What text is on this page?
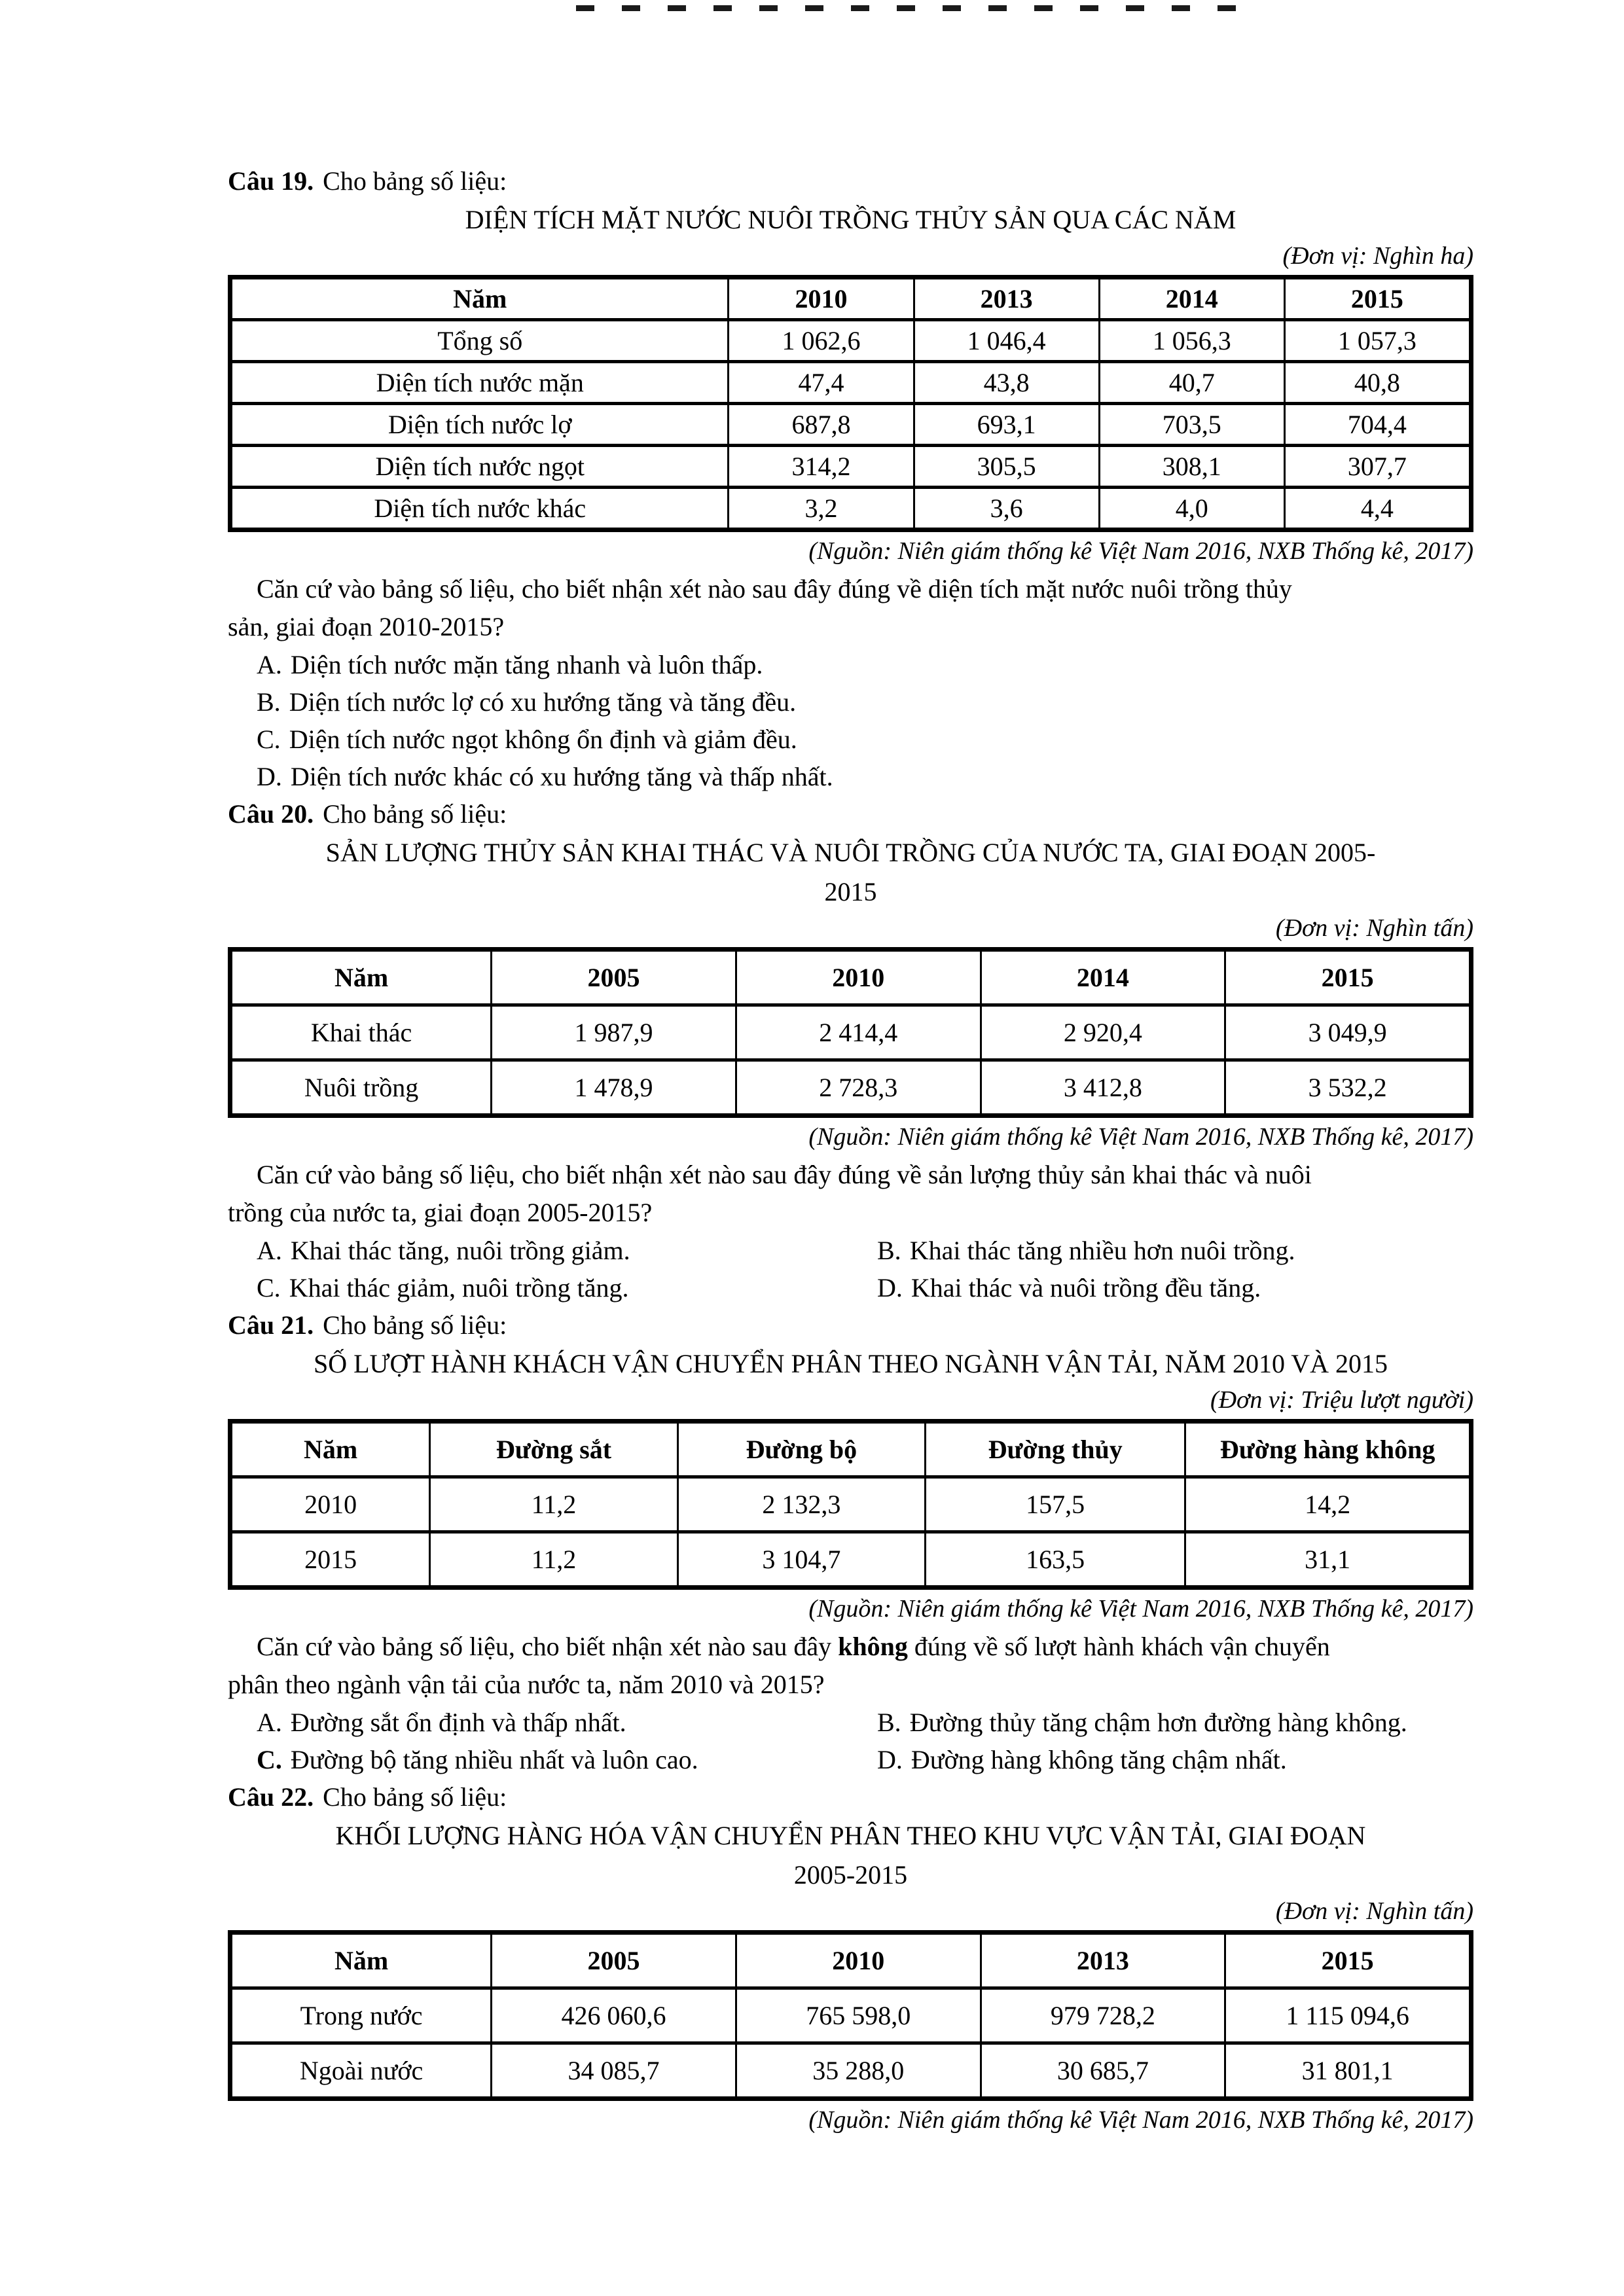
Câu 19. Cho bảng số liệu:
DIỆN TÍCH MẶT NƯỚC NUÔI TRỒNG THỦY SẢN QUA CÁC NĂM
(Đơn vị: Nghìn ha)
Năm	2010	2013	2014	2015
Tổng số	1 062,6	1 046,4	1 056,3	1 057,3
Diện tích nước mặn	47,4	43,8	40,7	40,8
Diện tích nước lợ	687,8	693,1	703,5	704,4
Diện tích nước ngọt	314,2	305,5	308,1	307,7
Diện tích nước khác	3,2	3,6	4,0	4,4
(Nguồn: Niên giám thống kê Việt Nam 2016, NXB Thống kê, 2017)
Căn cứ vào bảng số liệu, cho biết nhận xét nào sau đây đúng về diện tích mặt nước nuôi trồng thủy
sản, giai đoạn 2010-2015?
A. Diện tích nước mặn tăng nhanh và luôn thấp.
B. Diện tích nước lợ có xu hướng tăng và tăng đều.
C. Diện tích nước ngọt không ổn định và giảm đều.
D. Diện tích nước khác có xu hướng tăng và thấp nhất.
Câu 20. Cho bảng số liệu:
SẢN LƯỢNG THỦY SẢN KHAI THÁC VÀ NUÔI TRỒNG CỦA NƯỚC TA, GIAI ĐOẠN 2005-
2015
(Đơn vị: Nghìn tấn)
Năm	2005	2010	2014	2015
Khai thác	1 987,9	2 414,4	2 920,4	3 049,9
Nuôi trồng	1 478,9	2 728,3	3 412,8	3 532,2
(Nguồn: Niên giám thống kê Việt Nam 2016, NXB Thống kê, 2017)
Căn cứ vào bảng số liệu, cho biết nhận xét nào sau đây đúng về sản lượng thủy sản khai thác và nuôi
trồng của nước ta, giai đoạn 2005-2015?
A. Khai thác tăng, nuôi trồng giảm.	B. Khai thác tăng nhiều hơn nuôi trồng.
C. Khai thác giảm, nuôi trồng tăng.	D. Khai thác và nuôi trồng đều tăng.
Câu 21. Cho bảng số liệu:
SỐ LƯỢT HÀNH KHÁCH VẬN CHUYỂN PHÂN THEO NGÀNH VẬN TẢI, NĂM 2010 VÀ 2015
(Đơn vị: Triệu lượt người)
Năm	Đường sắt	Đường bộ	Đường thủy	Đường hàng không
2010	11,2	2 132,3	157,5	14,2
2015	11,2	3 104,7	163,5	31,1
(Nguồn: Niên giám thống kê Việt Nam 2016, NXB Thống kê, 2017)
Căn cứ vào bảng số liệu, cho biết nhận xét nào sau đây không đúng về số lượt hành khách vận chuyển
phân theo ngành vận tải của nước ta, năm 2010 và 2015?
A. Đường sắt ổn định và thấp nhất.	B. Đường thủy tăng chậm hơn đường hàng không.
C. Đường bộ tăng nhiều nhất và luôn cao.	D. Đường hàng không tăng chậm nhất.
Câu 22. Cho bảng số liệu:
KHỐI LƯỢNG HÀNG HÓA VẬN CHUYỂN PHÂN THEO KHU VỰC VẬN TẢI, GIAI ĐOẠN
2005-2015
(Đơn vị: Nghìn tấn)
Năm	2005	2010	2013	2015
Trong nước	426 060,6	765 598,0	979 728,2	1 115 094,6
Ngoài nước	34 085,7	35 288,0	30 685,7	31 801,1
(Nguồn: Niên giám thống kê Việt Nam 2016, NXB Thống kê, 2017)
